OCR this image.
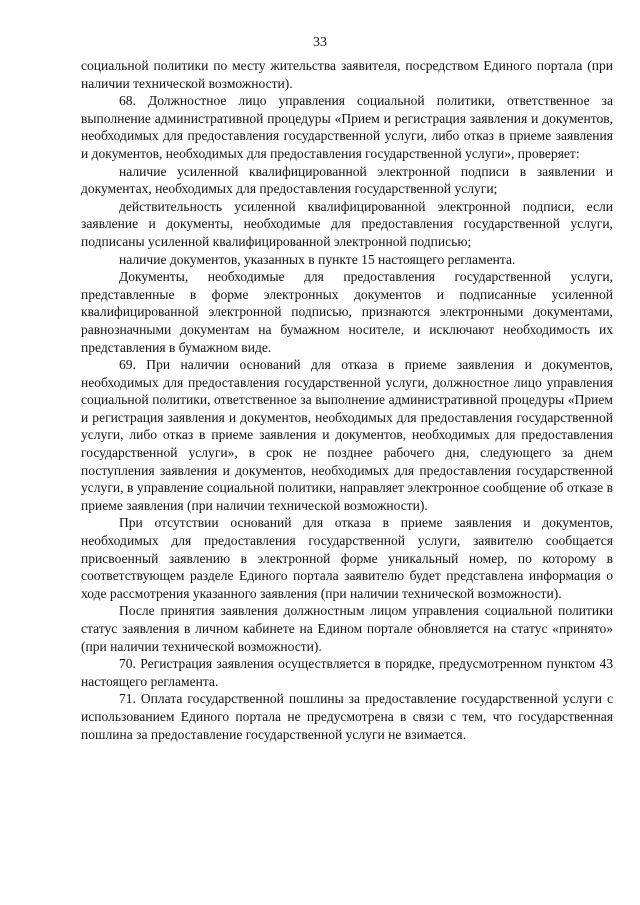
33

социальной политики по месту жительства заявителя, посредством Единого портала (при наличии технической возможности).

68. Должностное лицо управления социальной политики, ответственное за выполнение административной процедуры «Прием и регистрация заявления и документов, необходимых для предоставления государственной услуги, либо отказ в приеме заявления и документов, необходимых для предоставления государственной услуги», проверяет:

наличие усиленной квалифицированной электронной подписи в заявлении и документах, необходимых для предоставления государственной услуги;

действительность усиленной квалифицированной электронной подписи, если заявление и документы, необходимые для предоставления государственной услуги, подписаны усиленной квалифицированной электронной подписью;

наличие документов, указанных в пункте 15 настоящего регламента.

Документы, необходимые для предоставления государственной услуги, представленные в форме электронных документов и подписанные усиленной квалифицированной электронной подписью, признаются электронными документами, равнозначными документам на бумажном носителе, и исключают необходимость их представления в бумажном виде.

69. При наличии оснований для отказа в приеме заявления и документов, необходимых для предоставления государственной услуги, должностное лицо управления социальной политики, ответственное за выполнение административной процедуры «Прием и регистрация заявления и документов, необходимых для предоставления государственной услуги, либо отказ в приеме заявления и документов, необходимых для предоставления государственной услуги», в срок не позднее рабочего дня, следующего за днем поступления заявления и документов, необходимых для предоставления государственной услуги, в управление социальной политики, направляет электронное сообщение об отказе в приеме заявления (при наличии технической возможности).

При отсутствии оснований для отказа в приеме заявления и документов, необходимых для предоставления государственной услуги, заявителю сообщается присвоенный заявлению в электронной форме уникальный номер, по которому в соответствующем разделе Единого портала заявителю будет представлена информация о ходе рассмотрения указанного заявления (при наличии технической возможности).

После принятия заявления должностным лицом управления социальной политики статус заявления в личном кабинете на Едином портале обновляется на статус «принято» (при наличии технической возможности).

70. Регистрация заявления осуществляется в порядке, предусмотренном пунктом 43 настоящего регламента.

71. Оплата государственной пошлины за предоставление государственной услуги с использованием Единого портала не предусмотрена в связи с тем, что государственная пошлина за предоставление государственной услуги не взимается.
